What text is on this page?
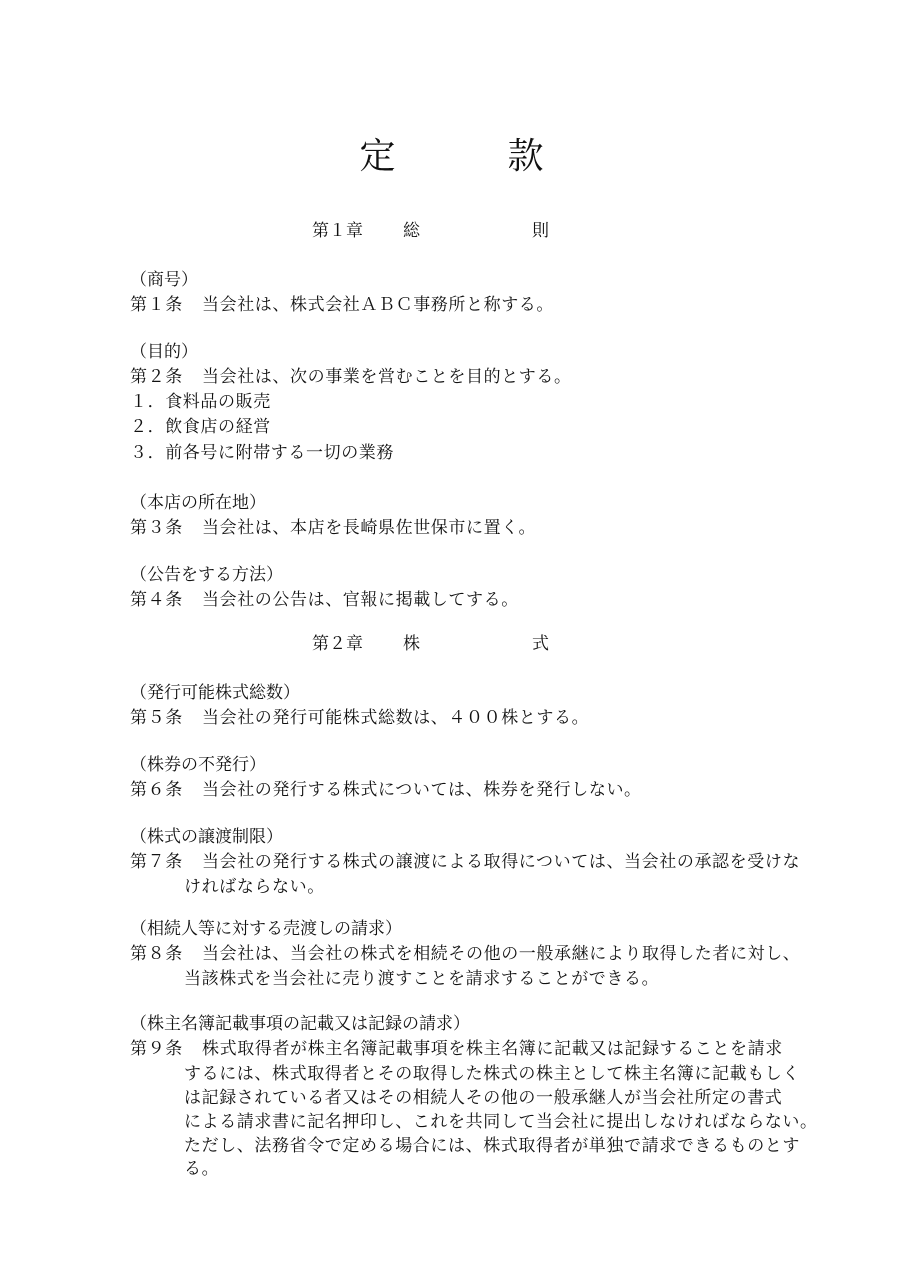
定	款
第１章 総	則
（商号）
第１条 当会社は、株式会社ＡＢＣ事務所と称する。
（目的）
第２条 当会社は、次の事業を営むことを目的とする。
１．食料品の販売
２．飲食店の経営
３．前各号に附帯する一切の業務
（本店の所在地）
第３条 当会社は、本店を長崎県佐世保市に置く。
（公告をする方法）
第４条 当会社の公告は、官報に掲載してする。
第２章 株	式
（発行可能株式総数）
第５条 当会社の発行可能株式総数は、４００株とする。
（株券の不発行）
第６条 当会社の発行する株式については、株券を発行しない。
（株式の譲渡制限）
第７条 当会社の発行する株式の譲渡による取得については、当会社の承認を受けな
ければならない。
（相続人等に対する売渡しの請求）
第８条 当会社は、当会社の株式を相続その他の一般承継により取得した者に対し、
当該株式を当会社に売り渡すことを請求することができる。
（株主名簿記載事項の記載又は記録の請求）
第９条 株式取得者が株主名簿記載事項を株主名簿に記載又は記録することを請求
するには、株式取得者とその取得した株式の株主として株主名簿に記載もしく
は記録されている者又はその相続人その他の一般承継人が当会社所定の書式
による請求書に記名押印し、これを共同して当会社に提出しなければならない。
ただし、法務省令で定める場合には、株式取得者が単独で請求できるものとす
る。
